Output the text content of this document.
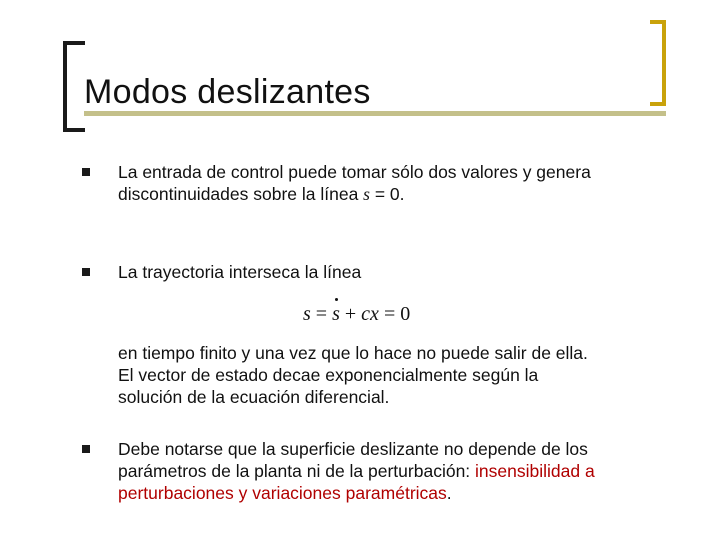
Modos deslizantes
La entrada de control puede tomar sólo dos valores y genera
discontinuidades sobre la línea s = 0.
La trayectoria interseca la línea
s = s + cx = 0
en tiempo finito y una vez que lo hace no puede salir de ella.
El vector de estado decae exponencialmente según la
solución de la ecuación diferencial.
Debe notarse que la superficie deslizante no depende de los
parámetros de la planta ni de la perturbación: insensibilidad a
perturbaciones y variaciones paramétricas.
